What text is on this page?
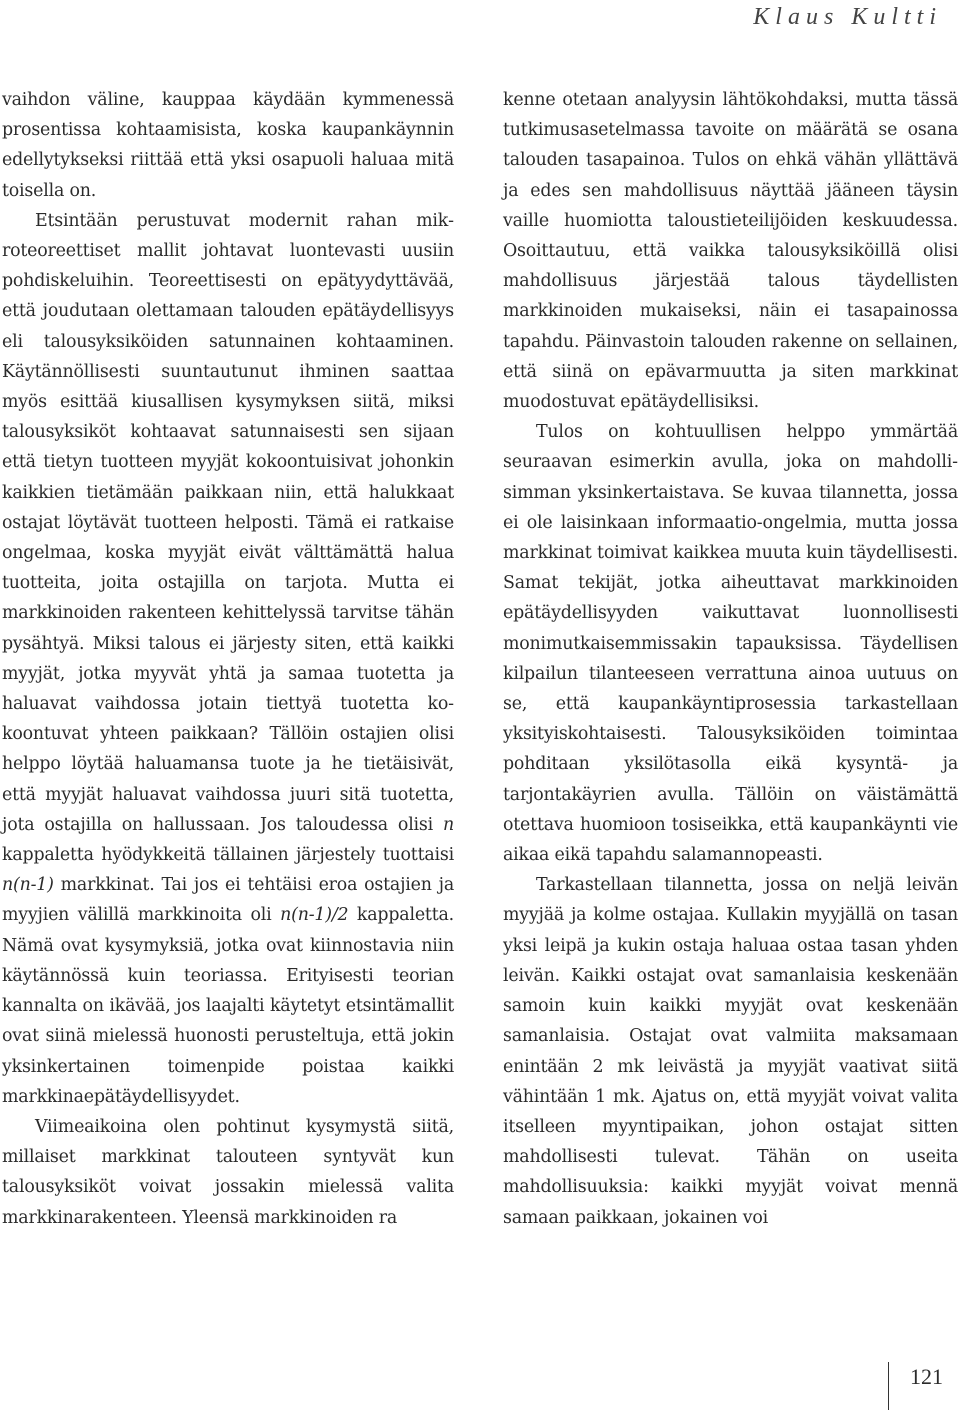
Klaus Kultti

vaihdon väline, kauppaa käydään kymmenessä prosentissa kohtaamisista, koska kaupankäynnin edellytykseksi riittää että yksi osapuoli haluaa mitä toisella on.

Etsintään perustuvat modernit rahan mikroteoreettiset mallit johtavat luontevasti uusiin pohdiskeluihin. Teoreettisesti on epätyydyttävää, että joudutaan olettamaan talouden epätäydellisyys eli talousyksiköiden satunnainen kohtaaminen. Käytännöllisesti suuntautunut ihminen saattaa myös esittää kiusallisen kysymyksen siitä, miksi talousyksiköt kohtaavat satunnaisesti sen sijaan että tietyn tuotteen myyjät kokoontuisivat johonkin kaikkien tietämään paikkaan niin, että halukkaat ostajat löytävät tuotteen helposti. Tämä ei ratkaise ongelmaa, koska myyjät eivät välttämättä halua tuotteita, joita ostajilla on tarjota. Mutta ei markkinoiden rakenteen kehittelyssä tarvitse tähän pysähtyä. Miksi talous ei järjesty siten, että kaikki myyjät, jotka myyvät yhtä ja samaa tuotetta ja haluavat vaihdossa jotain tiettyä tuotetta kokoontuvat yhteen paikkaan? Tällöin ostajien olisi helppo löytää haluamansa tuote ja he tietäisivät, että myyjät haluavat vaihdossa juuri sitä tuotetta, jota ostajilla on hallussaan. Jos taloudessa olisi n kappaletta hyödykkeitä tällainen järjestely tuottaisi n(n-1) markkinat. Tai jos ei tehtäisi eroa ostajien ja myyjien välillä markkinoita oli n(n-1)/2 kappaletta. Nämä ovat kysymyksiä, jotka ovat kiinnostavia niin käytännössä kuin teoriassa. Erityisesti teorian kannalta on ikävää, jos laajalti käytetyt etsintämallit ovat siinä mielessä huonosti perusteltuja, että jokin yksinkertainen toimenpide poistaa kaikki markkinaepätäydellisyydet.

Viimeaikoina olen pohtinut kysymystä siitä, millaiset markkinat talouteen syntyvät kun talousyksiköt voivat jossakin mielessä valita markkinarakenteen. Yleensä markkinoiden ra

kenne otetaan analyysin lähtökohdaksi, mutta tässä tutkimusasetelmassa tavoite on määrätä se osana talouden tasapainoa. Tulos on ehkä vähän yllättävä ja edes sen mahdollisuus näyttää jääneen täysin vaille huomiotta taloustieteilijöiden keskuudessa. Osoittautuu, että vaikka talousyksiköillä olisi mahdollisuus järjestää talous täydellisten markkinoiden mukaiseksi, näin ei tasapainossa tapahdu. Päinvastoin talouden rakenne on sellainen, että siinä on epävarmuutta ja siten markkinat muodostuvat epätäydellisiksi.

Tulos on kohtuullisen helppo ymmärtää seuraavan esimerkin avulla, joka on mahdollisimman yksinkertaistava. Se kuvaa tilannetta, jossa ei ole laisinkaan informaatio-ongelmia, mutta jossa markkinat toimivat kaikkea muuta kuin täydellisesti. Samat tekijät, jotka aiheuttavat markkinoiden epätäydellisyyden vaikuttavat luonnollisesti monimutkaisemmissakin tapauksissa. Täydellisen kilpailun tilanteeseen verrattuna ainoa uutuus on se, että kaupankäyntiprosessia tarkastellaan yksityiskohtaisesti. Talousyksiköiden toimintaa pohditaan yksilötasolla eikä kysyntä- ja tarjontakäyrien avulla. Tällöin on väistämättä otettava huomioon tosiseikka, että kaupankäynti vie aikaa eikä tapahdu salamannopeasti.

Tarkastellaan tilannetta, jossa on neljä leivän myyjää ja kolme ostajaa. Kullakin myyjällä on tasan yksi leipä ja kukin ostaja haluaa ostaa tasan yhden leivän. Kaikki ostajat ovat samanlaisia keskenään samoin kuin kaikki myyjät ovat keskenään samanlaisia. Ostajat ovat valmiita maksamaan enintään 2 mk leivästä ja myyjät vaativat siitä vähintään 1 mk. Ajatus on, että myyjät voivat valita itselleen myyntipaikan, johon ostajat sitten mahdollisesti tulevat. Tähän on useita mahdollisuuksia: kaikki myyjät voivat mennä samaan paikkaan, jokainen voi

121
